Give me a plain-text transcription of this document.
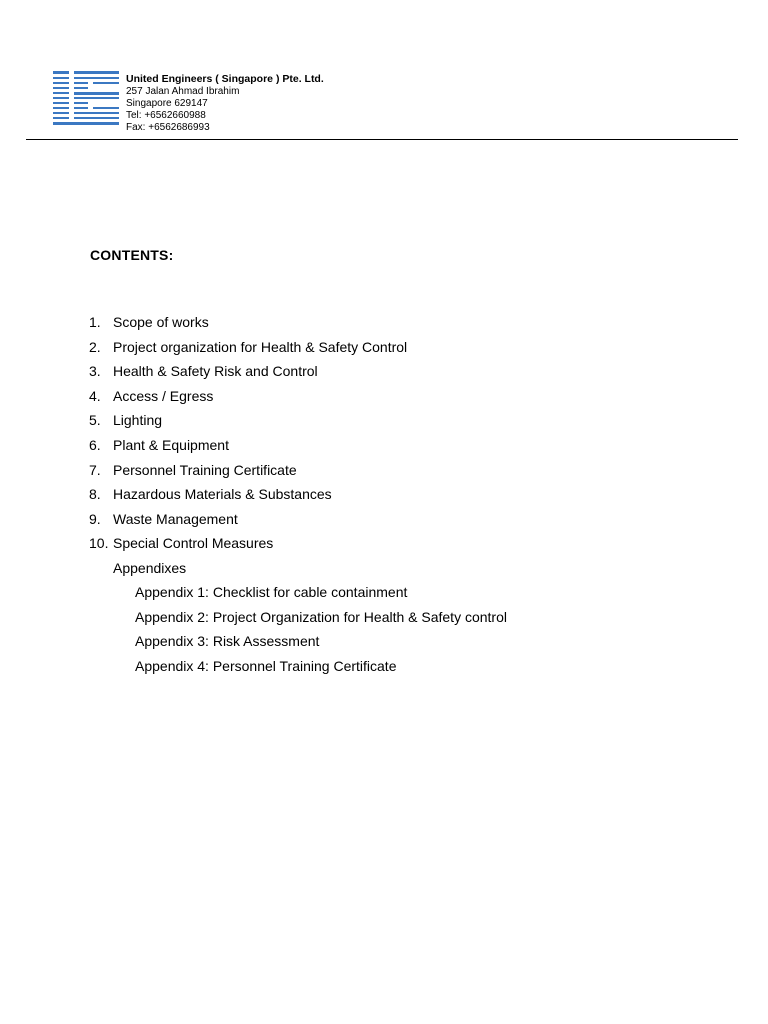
United Engineers ( Singapore ) Pte. Ltd.
257 Jalan Ahmad Ibrahim
Singapore 629147
Tel: +6562660988
Fax: +6562686993
CONTENTS:
1. Scope of works
2. Project organization for Health & Safety Control
3. Health & Safety Risk and Control
4. Access / Egress
5. Lighting
6. Plant & Equipment
7. Personnel Training Certificate
8. Hazardous Materials & Substances
9. Waste Management
10. Special Control Measures
Appendixes
Appendix 1: Checklist for cable containment
Appendix 2: Project Organization for Health & Safety control
Appendix 3: Risk Assessment
Appendix 4: Personnel Training Certificate
